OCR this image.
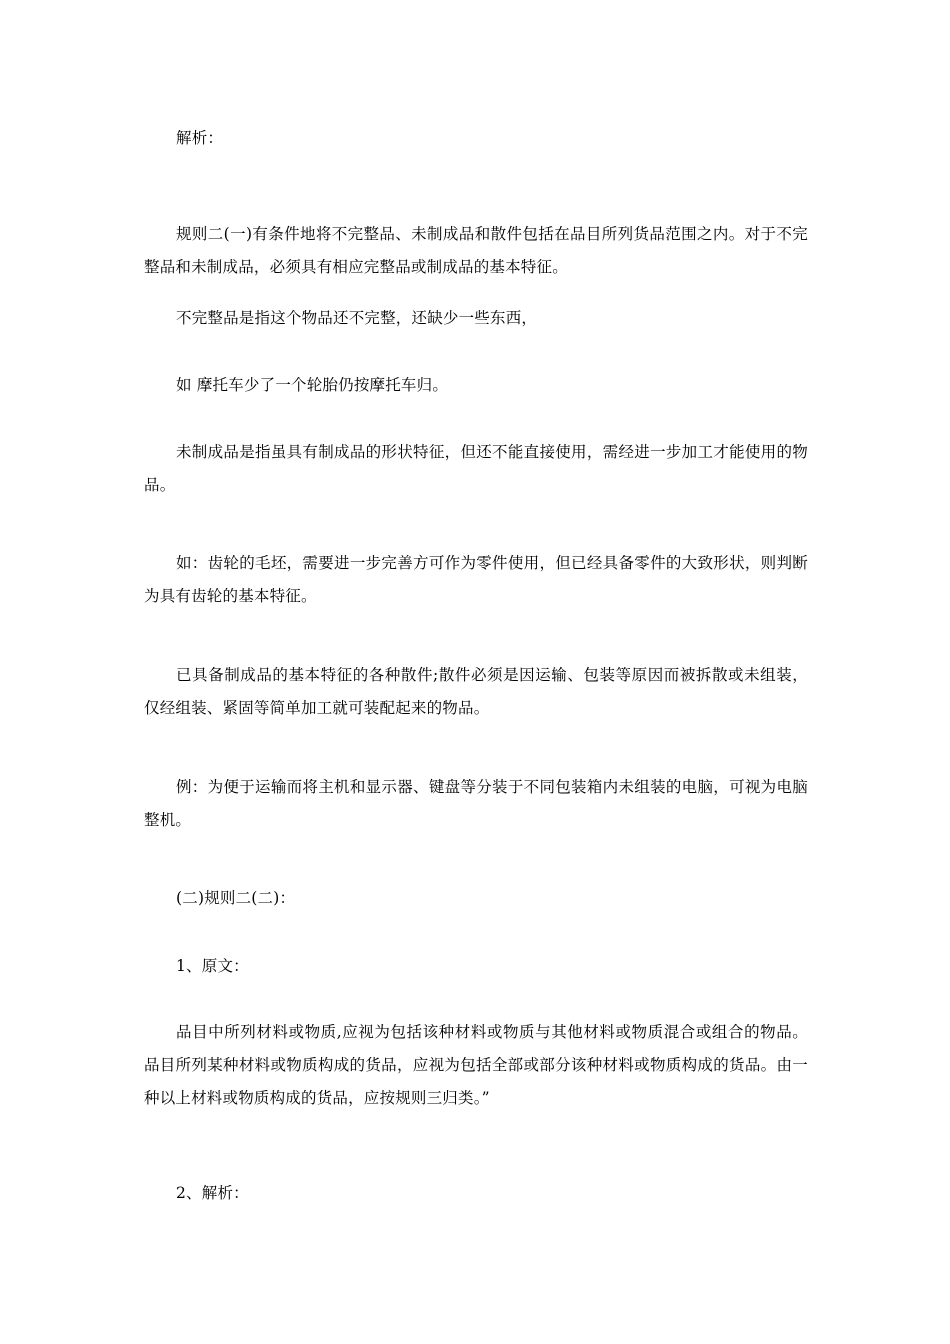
解析：

规则二(一)有条件地将不完整品、未制成品和散件包括在品目所列货品范围之内。对于不完整品和未制成品，必须具有相应完整品或制成品的基本特征。

不完整品是指这个物品还不完整，还缺少一些东西，

如 摩托车少了一个轮胎仍按摩托车归。

未制成品是指虽具有制成品的形状特征，但还不能直接使用，需经进一步加工才能使用的物品。

如：齿轮的毛坯，需要进一步完善方可作为零件使用，但已经具备零件的大致形状，则判断为具有齿轮的基本特征。

已具备制成品的基本特征的各种散件;散件必须是因运输、包装等原因而被拆散或未组装，仅经组装、紧固等简单加工就可装配起来的物品。

例：为便于运输而将主机和显示器、键盘等分装于不同包装箱内未组装的电脑，可视为电脑整机。

(二)规则二(二)：

1、原文：

品目中所列材料或物质,应视为包括该种材料或物质与其他材料或物质混合或组合的物品。品目所列某种材料或物质构成的货品，应视为包括全部或部分该种材料或物质构成的货品。由一种以上材料或物质构成的货品，应按规则三归类。”

2、解析：
